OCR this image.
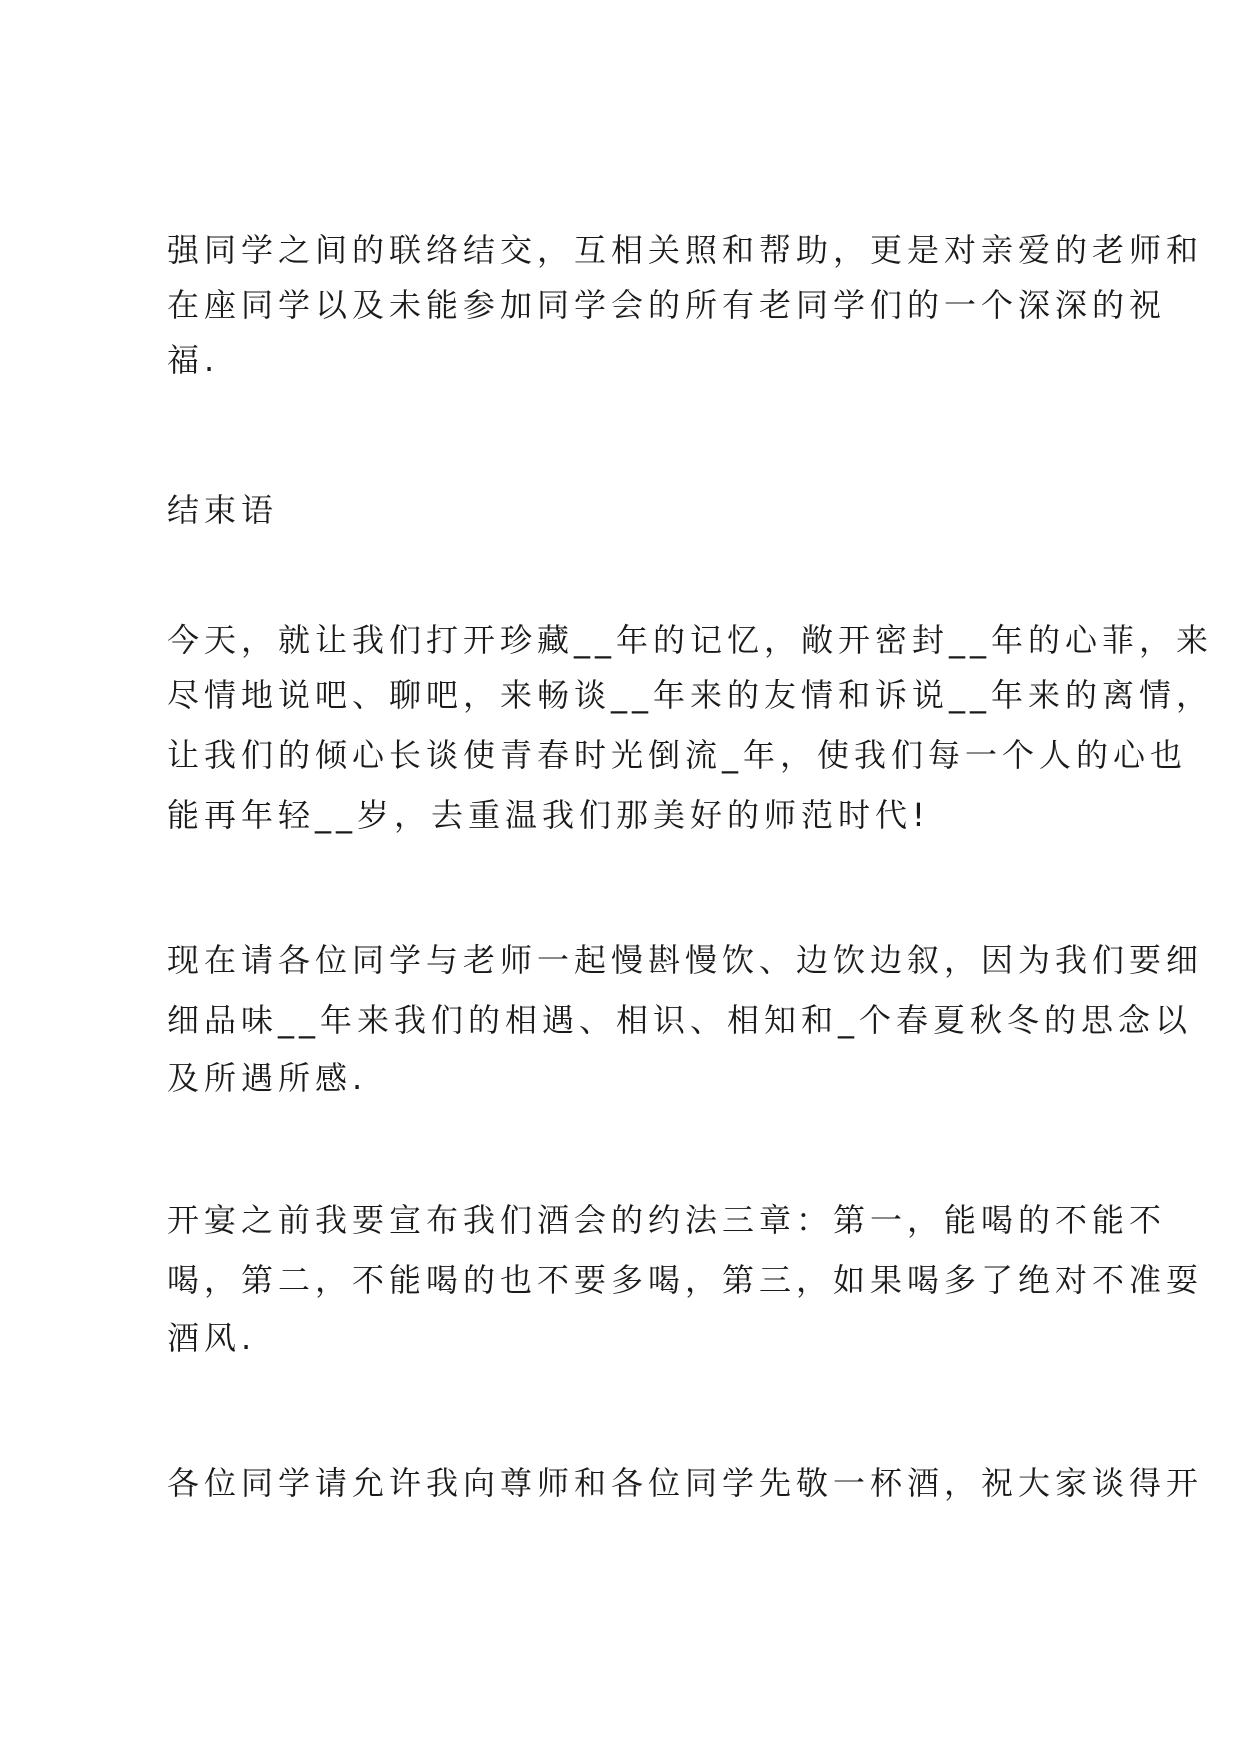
强同学之间的联络结交，互相关照和帮助，更是对亲爱的老师和

在座同学以及未能参加同学会的所有老同学们的一个深深的祝

福.

结束语

今天，就让我们打开珍藏__年的记忆，敞开密封__年的心菲，来

尽情地说吧、聊吧，来畅谈__年来的友情和诉说__年来的离情，

让我们的倾心长谈使青春时光倒流_年，使我们每一个人的心也

能再年轻__岁，去重温我们那美好的师范时代!

现在请各位同学与老师一起慢斟慢饮、边饮边叙，因为我们要细

细品味__年来我们的相遇、相识、相知和_个春夏秋冬的思念以

及所遇所感.

开宴之前我要宣布我们酒会的约法三章：第一，能喝的不能不

喝，第二，不能喝的也不要多喝，第三，如果喝多了绝对不准耍

酒风.

各位同学请允许我向尊师和各位同学先敬一杯酒，祝大家谈得开
